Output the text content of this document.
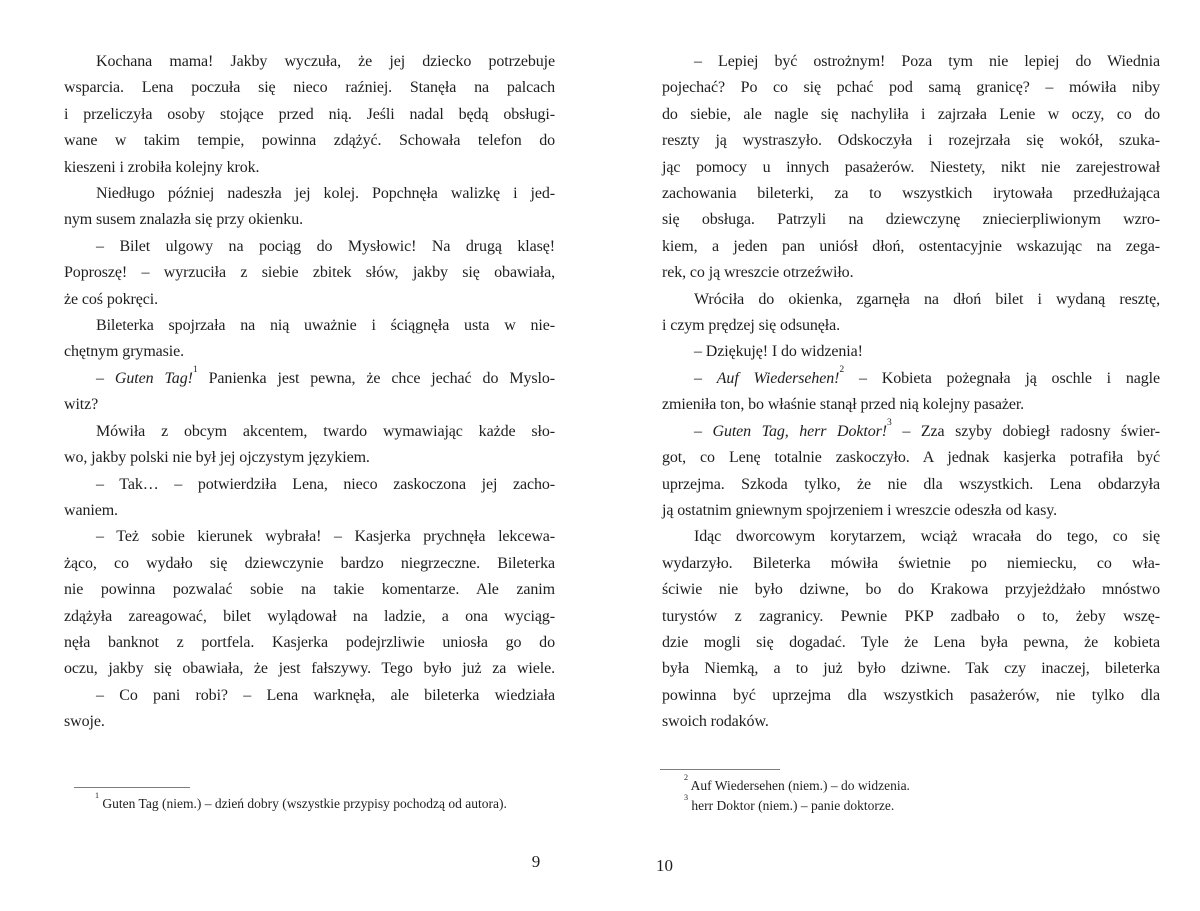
Kochana mama! Jakby wyczuła, że jej dziecko potrzebuje
wsparcia. Lena poczuła się nieco raźniej. Stanęła na palcach
i przeliczyła osoby stojące przed nią. Jeśli nadal będą obsługi-
wane w takim tempie, powinna zdążyć. Schowała telefon do
kieszeni i zrobiła kolejny krok.
Niedługo później nadeszła jej kolej. Popchnęła walizkę i jed-
nym susem znalazła się przy okienku.
– Bilet ulgowy na pociąg do Mysłowic! Na drugą klasę!
Poproszę! – wyrzuciła z siebie zbitek słów, jakby się obawiała,
że coś pokręci.
Bileterka spojrzała na nią uważnie i ściągnęła usta w nie-
chętnym grymasie.
– Guten Tag!$^1$ Panienka jest pewna, że chce jechać do Myslo-
witz?
Mówiła z obcym akcentem, twardo wymawiając każde sło-
wo, jakby polski nie był jej ojczystym językiem.
– Tak… – potwierdziła Lena, nieco zaskoczona jej zacho-
waniem.
– Też sobie kierunek wybrała! – Kasjerka prychnęła lekcewa-
żąco, co wydało się dziewczynie bardzo niegrzeczne. Bileterka
nie powinna pozwalać sobie na takie komentarze. Ale zanim
zdążyła zareagować, bilet wylądował na ladzie, a ona wyciąg-
nęła banknot z portfela. Kasjerka podejrzliwie uniosła go do
oczu, jakby się obawiała, że jest fałszywy. Tego było już za wiele.
– Co pani robi? – Lena warknęła, ale bileterka wiedziała
swoje.
$^1$ Guten Tag (niem.) – dzień dobry (wszystkie przypisy pochodzą od autora).
9
– Lepiej być ostrożnym! Poza tym nie lepiej do Wiednia
pojechać? Po co się pchać pod samą granicę? – mówiła niby
do siebie, ale nagle się nachyliła i zajrzała Lenie w oczy, co do
reszty ją wystraszyło. Odskoczyła i rozejrzała się wokół, szuka-
jąc pomocy u innych pasażerów. Niestety, nikt nie zarejestrował
zachowania bileterki, za to wszystkich irytowała przedłużająca
się obsługa. Patrzyli na dziewczynę zniecierpliwionym wzro-
kiem, a jeden pan uniósł dłoń, ostentacyjnie wskazując na zega-
rek, co ją wreszcie otrzeźwiło.
Wróciła do okienka, zgarnęła na dłoń bilet i wydaną resztę,
i czym prędzej się odsunęła.
– Dziękuję! I do widzenia!
– Auf Wiedersehen!$^2$ – Kobieta pożegnała ją oschle i nagle
zmieniła ton, bo właśnie stanął przed nią kolejny pasażer.
– Guten Tag, herr Doktor!$^3$ – Zza szyby dobiegł radosny świer-
got, co Lenę totalnie zaskoczyło. A jednak kasjerka potrafiła być
uprzejma. Szkoda tylko, że nie dla wszystkich. Lena obdarzyła
ją ostatnim gniewnym spojrzeniem i wreszcie odeszła od kasy.
Idąc dworcowym korytarzem, wciąż wracała do tego, co się
wydarzyło. Bileterka mówiła świetnie po niemiecku, co wła-
ściwie nie było dziwne, bo do Krakowa przyjeżdżało mnóstwo
turystów z zagranicy. Pewnie PKP zadbało o to, żeby wszę-
dzie mogli się dogadać. Tyle że Lena była pewna, że kobieta
była Niemką, a to już było dziwne. Tak czy inaczej, bileterka
powinna być uprzejma dla wszystkich pasażerów, nie tylko dla
swoich rodaków.
$^2$ Auf Wiedersehen (niem.) – do widzenia.
$^3$ herr Doktor (niem.) – panie doktorze.
10
